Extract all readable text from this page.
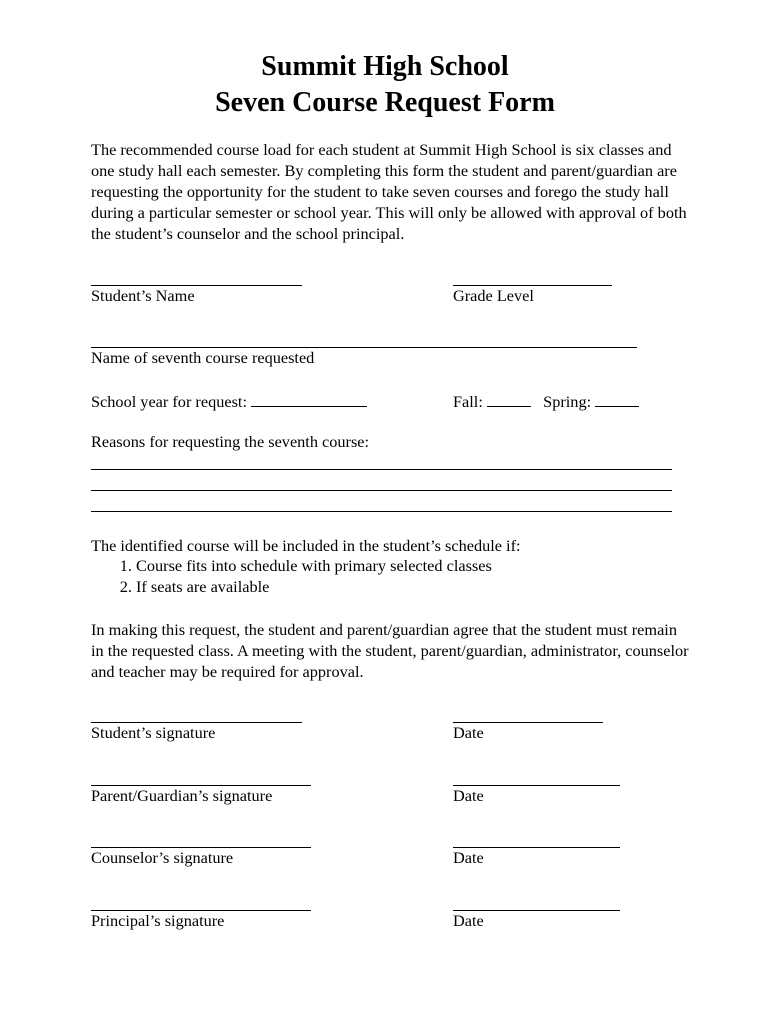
Summit High School
Seven Course Request Form

The recommended course load for each student at Summit High School is six classes and one study hall each semester. By completing this form the student and parent/guardian are requesting the opportunity for the student to take seven courses and forego the study hall during a particular semester or school year. This will only be allowed with approval of both the student’s counselor and the school principal.

Student’s Name	Grade Level
Name of seventh course requested
School year for request:	Fall:	Spring:
Reasons for requesting the seventh course:
The identified course will be included in the student’s schedule if:
1. Course fits into schedule with primary selected classes
2. If seats are available

In making this request, the student and parent/guardian agree that the student must remain in the requested class. A meeting with the student, parent/guardian, administrator, counselor and teacher may be required for approval.

Student’s signature	Date
Parent/Guardian’s signature	Date
Counselor’s signature	Date
Principal’s signature	Date
